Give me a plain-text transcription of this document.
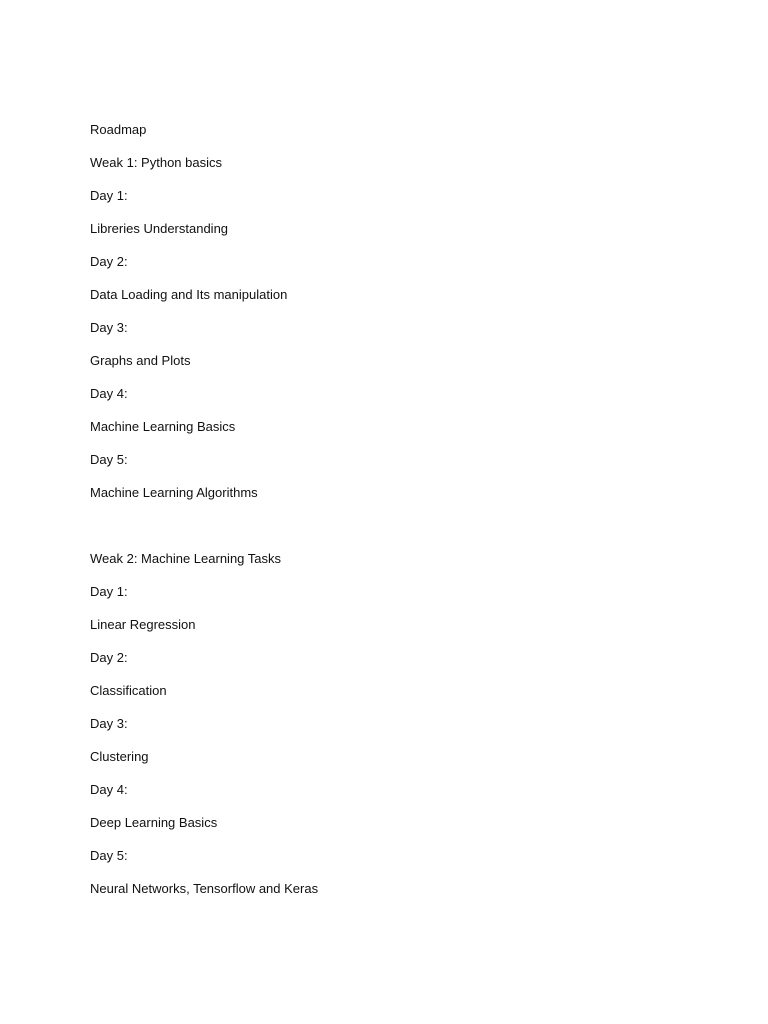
Roadmap
Weak 1: Python basics
Day 1:
Libreries Understanding
Day 2:
Data Loading and Its manipulation
Day 3:
Graphs and Plots
Day 4:
Machine Learning Basics
Day 5:
Machine Learning Algorithms
Weak 2: Machine Learning Tasks
Day 1:
Linear Regression
Day 2:
Classification
Day 3:
Clustering
Day 4:
Deep Learning Basics
Day 5:
Neural Networks, Tensorflow and Keras
